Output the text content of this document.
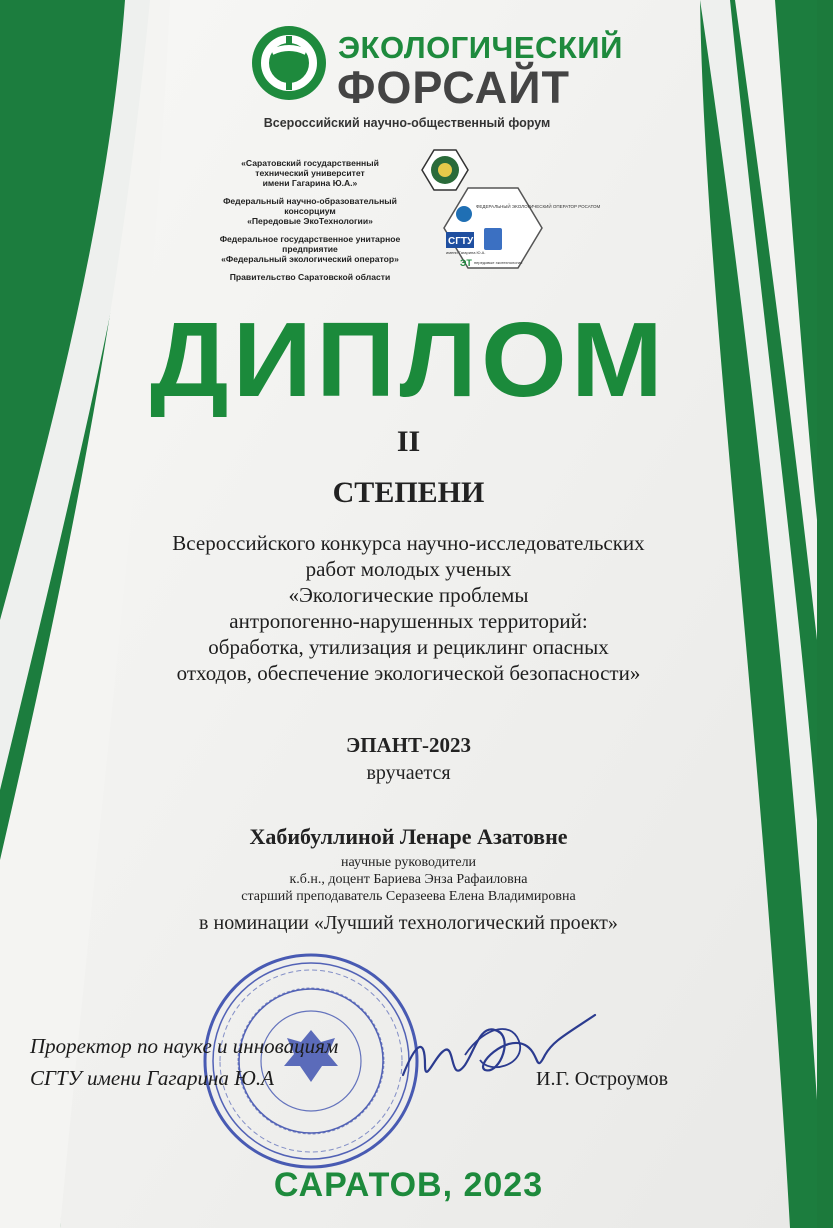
ЭКОЛОГИЧЕСКИЙ
ФОРСАЙТ
Всероссийский научно-общественный форум
«Саратовский государственный
технический университет
имени Гагарина Ю.А.»
Федеральный научно-образовательный
консорциум
«Передовые ЭкоТехнологии»
Федеральное государственное унитарное
предприятие
«Федеральный экологический оператор»
Правительство Саратовской области
ФЕДЕРАЛЬНЫЙ ЭКОЛОГИЧЕСКИЙ ОПЕРАТОР РОСАТОМ
СГТУ
имени Гагарина Ю.А.
ЭТ передовые экотехнологии
ДИПЛОМ
II
СТЕПЕНИ
Всероссийского конкурса научно-исследовательских
работ молодых ученых
«Экологические проблемы
антропогенно-нарушенных территорий:
обработка, утилизация и рециклинг опасных
отходов, обеспечение экологической безопасности»
ЭПАНТ-2023
вручается
Хабибуллиной Ленаре Азатовне
научные руководители
к.б.н., доцент Бариева Энза Рафаиловна
старший преподаватель Серазеева Елена Владимировна
в номинации «Лучший технологический проект»
Проректор по науке и инновациям
СГТУ имени Гагарина Ю.А	И.Г. Остроумов
САРАТОВ, 2023
